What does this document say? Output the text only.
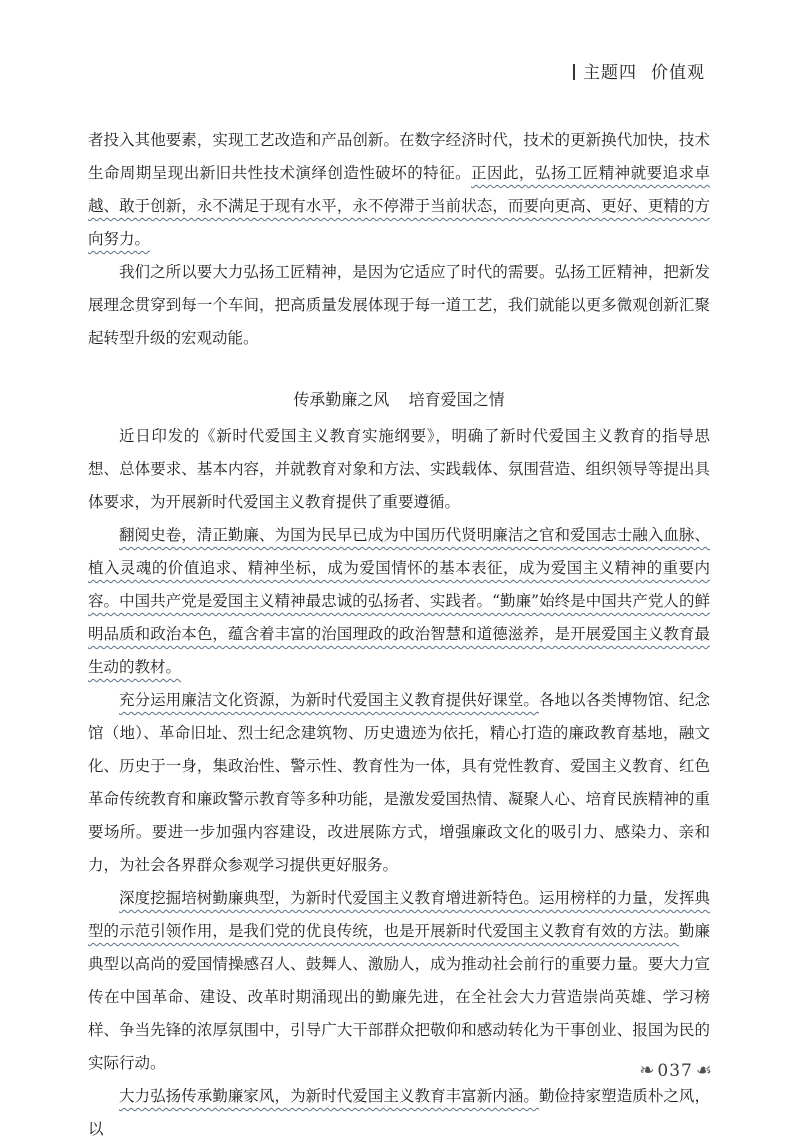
主题四 价值观

者投入其他要素，实现工艺改造和产品创新。在数字经济时代，技术的更新换代加快，技术生命周期呈现出新旧共性技术演绎创造性破坏的特征。正因此，弘扬工匠精神就要追求卓越、敢于创新，永不满足于现有水平，永不停滞于当前状态，而要向更高、更好、更精的方向努力。

我们之所以要大力弘扬工匠精神，是因为它适应了时代的需要。弘扬工匠精神，把新发展理念贯穿到每一个车间，把高质量发展体现于每一道工艺，我们就能以更多微观创新汇聚起转型升级的宏观动能。

传承勤廉之风 培育爱国之情

近日印发的《新时代爱国主义教育实施纲要》，明确了新时代爱国主义教育的指导思想、总体要求、基本内容，并就教育对象和方法、实践载体、氛围营造、组织领导等提出具体要求，为开展新时代爱国主义教育提供了重要遵循。

翻阅史卷，清正勤廉、为国为民早已成为中国历代贤明廉洁之官和爱国志士融入血脉、植入灵魂的价值追求、精神坐标，成为爱国情怀的基本表征，成为爱国主义精神的重要内容。中国共产党是爱国主义精神最忠诚的弘扬者、实践者。“勤廉”始终是中国共产党人的鲜明品质和政治本色，蕴含着丰富的治国理政的政治智慧和道德滋养，是开展爱国主义教育最生动的教材。

充分运用廉洁文化资源，为新时代爱国主义教育提供好课堂。各地以各类博物馆、纪念馆（地）、革命旧址、烈士纪念建筑物、历史遗迹为依托，精心打造的廉政教育基地，融文化、历史于一身，集政治性、警示性、教育性为一体，具有党性教育、爱国主义教育、红色革命传统教育和廉政警示教育等多种功能，是激发爱国热情、凝聚人心、培育民族精神的重要场所。要进一步加强内容建设，改进展陈方式，增强廉政文化的吸引力、感染力、亲和力，为社会各界群众参观学习提供更好服务。

深度挖掘培树勤廉典型，为新时代爱国主义教育增进新特色。运用榜样的力量，发挥典型的示范引领作用，是我们党的优良传统，也是开展新时代爱国主义教育有效的方法。勤廉典型以高尚的爱国情操感召人、鼓舞人、激励人，成为推动社会前行的重要力量。要大力宣传在中国革命、建设、改革时期涌现出的勤廉先进，在全社会大力营造崇尚英雄、学习榜样、争当先锋的浓厚氛围中，引导广大干部群众把敬仰和感动转化为干事创业、报国为民的实际行动。

大力弘扬传承勤廉家风，为新时代爱国主义教育丰富新内涵。勤俭持家塑造质朴之风，以

❧ 037 ☙
